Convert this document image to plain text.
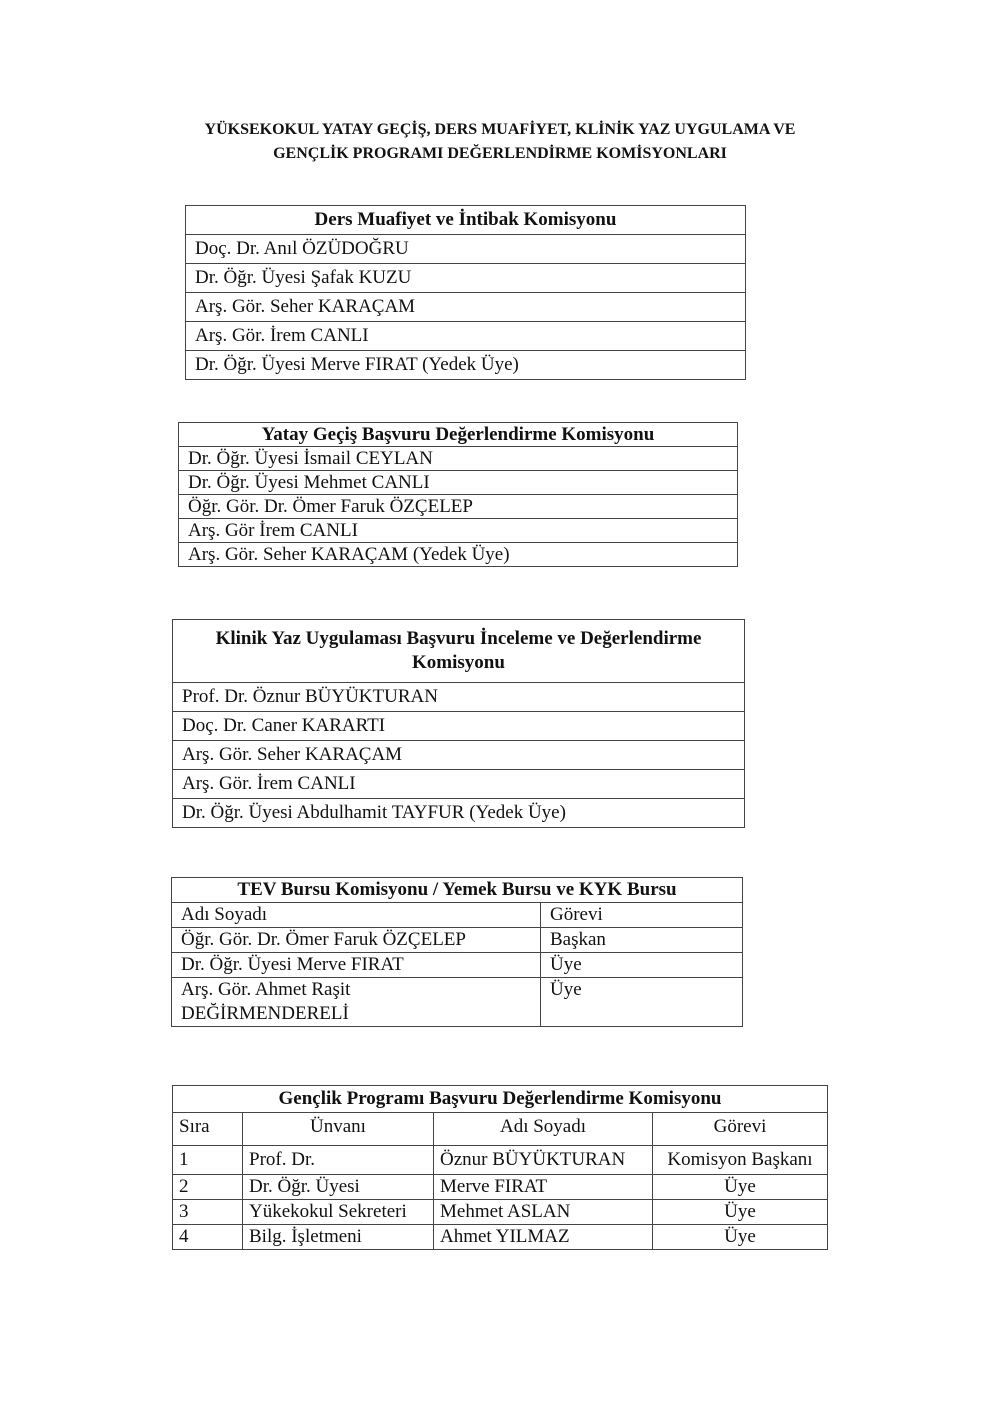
YÜKSEKOKUL YATAY GEÇİŞ, DERS MUAFİYET, KLİNİK YAZ UYGULAMA VE
GENÇLİK PROGRAMI DEĞERLENDİRME KOMİSYONLARI
Ders Muafiyet ve İntibak Komisyonu
Doç. Dr. Anıl ÖZÜDOĞRU
Dr. Öğr. Üyesi Şafak KUZU
Arş. Gör. Seher KARAÇAM
Arş. Gör. İrem CANLI
Dr. Öğr. Üyesi Merve FIRAT (Yedek Üye)
Yatay Geçiş Başvuru Değerlendirme Komisyonu
Dr. Öğr. Üyesi İsmail CEYLAN
Dr. Öğr. Üyesi Mehmet CANLI
Öğr. Gör. Dr. Ömer Faruk ÖZÇELEP
Arş. Gör İrem CANLI
Arş. Gör. Seher KARAÇAM (Yedek Üye)
Klinik Yaz Uygulaması Başvuru İnceleme ve Değerlendirme
Komisyonu

Prof. Dr. Öznur BÜYÜKTURAN
Doç. Dr. Caner KARARTI
Arş. Gör. Seher KARAÇAM
Arş. Gör. İrem CANLI
Dr. Öğr. Üyesi Abdulhamit TAYFUR (Yedek Üye)
TEV Bursu Komisyonu / Yemek Bursu ve KYK Bursu	
Adı Soyadı	Görevi
Öğr. Gör. Dr. Ömer Faruk ÖZÇELEP	Başkan
Dr. Öğr. Üyesi Merve FIRAT	Üye

Arş. Gör. Ahmet Raşit
DEĞİRMENDERELİ	Üye
Gençlik Programı Başvuru Değerlendirme Komisyonu			
Sıra	Ünvanı	Adı Soyadı	Görevi
1	Prof. Dr.	Öznur BÜYÜKTURAN	Komisyon Başkanı
2	Dr. Öğr. Üyesi	Merve FIRAT	Üye
3	Yükekokul Sekreteri	Mehmet ASLAN	Üye
4	Bilg. İşletmeni	Ahmet YILMAZ	Üye
